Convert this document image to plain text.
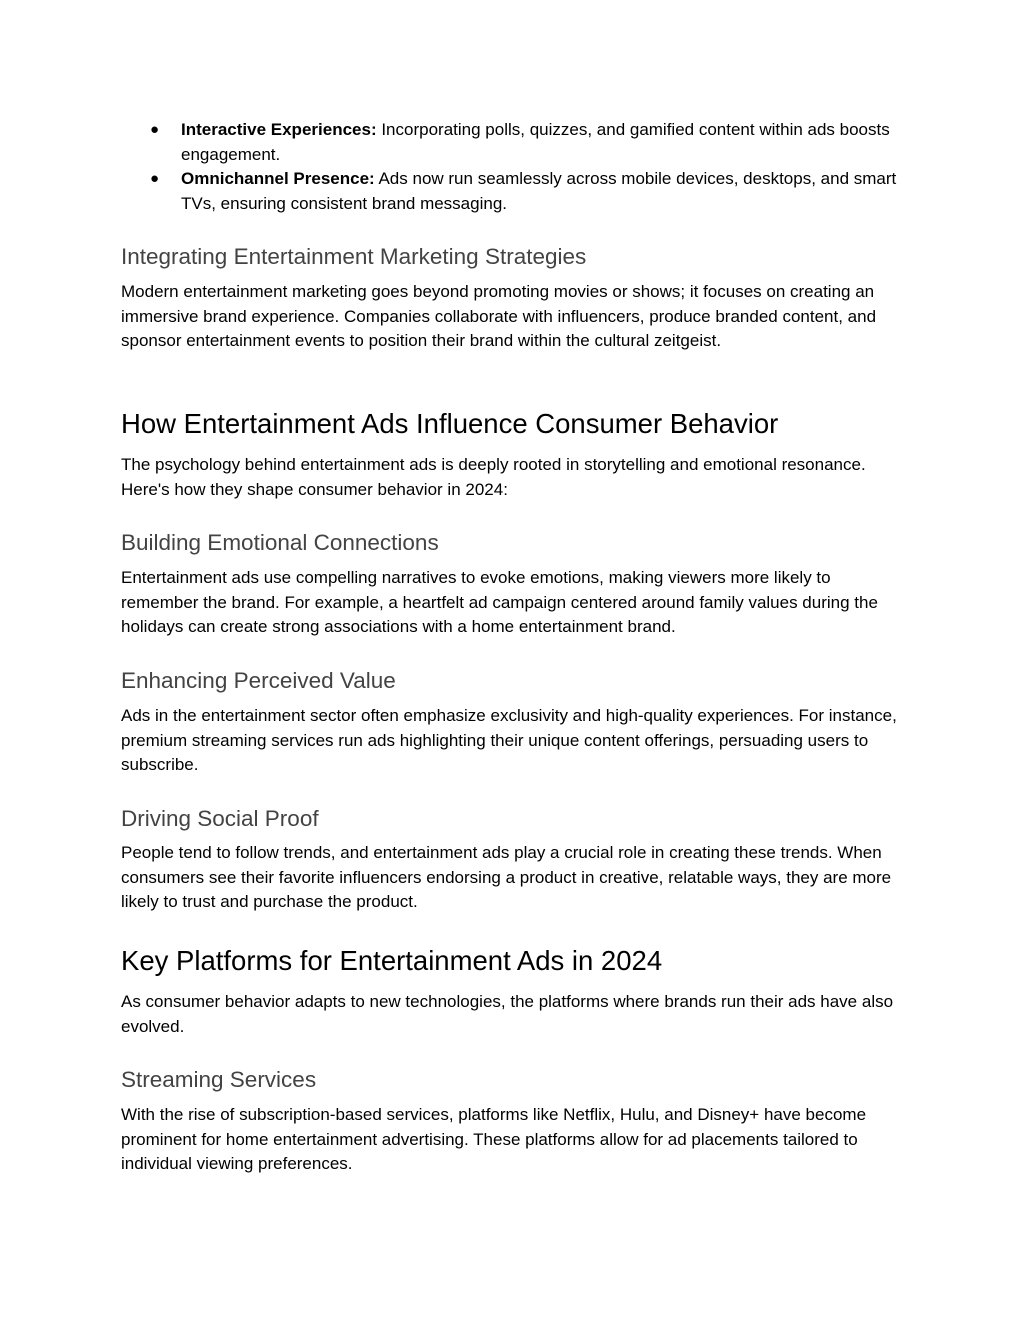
● Interactive Experiences: Incorporating polls, quizzes, and gamified content within ads boosts engagement.
● Omnichannel Presence: Ads now run seamlessly across mobile devices, desktops, and smart TVs, ensuring consistent brand messaging.
Integrating Entertainment Marketing Strategies

Modern entertainment marketing goes beyond promoting movies or shows; it focuses on creating an immersive brand experience. Companies collaborate with influencers, produce branded content, and sponsor entertainment events to position their brand within the cultural zeitgeist.

How Entertainment Ads Influence Consumer Behavior

The psychology behind entertainment ads is deeply rooted in storytelling and emotional resonance. Here's how they shape consumer behavior in 2024:

Building Emotional Connections

Entertainment ads use compelling narratives to evoke emotions, making viewers more likely to remember the brand. For example, a heartfelt ad campaign centered around family values during the holidays can create strong associations with a home entertainment brand.

Enhancing Perceived Value

Ads in the entertainment sector often emphasize exclusivity and high-quality experiences. For instance, premium streaming services run ads highlighting their unique content offerings, persuading users to subscribe.

Driving Social Proof

People tend to follow trends, and entertainment ads play a crucial role in creating these trends. When consumers see their favorite influencers endorsing a product in creative, relatable ways, they are more likely to trust and purchase the product.

Key Platforms for Entertainment Ads in 2024

As consumer behavior adapts to new technologies, the platforms where brands run their ads have also evolved.

Streaming Services

With the rise of subscription-based services, platforms like Netflix, Hulu, and Disney+ have become prominent for home entertainment advertising. These platforms allow for ad placements tailored to individual viewing preferences.
